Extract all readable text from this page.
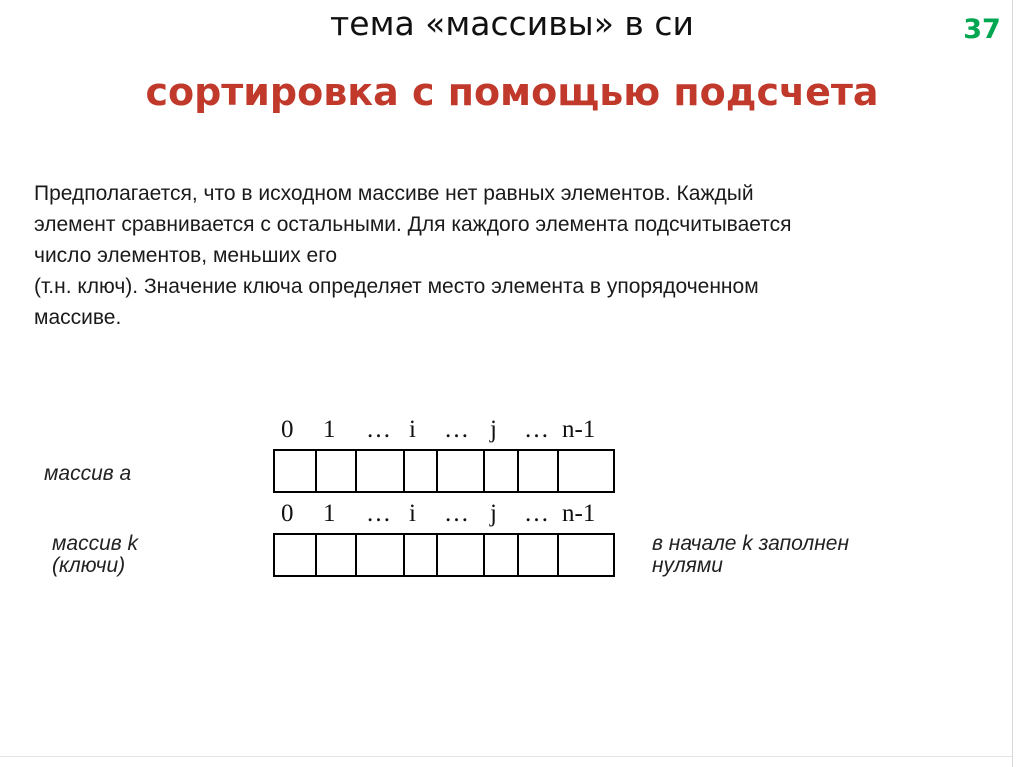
тема «массивы» в си	37
сортировка с помощью подсчета
Предполагается, что в исходном массиве нет равных элементов. Каждый
элемент сравнивается с остальными. Для каждого элемента подсчитывается
число элементов, меньших его
(т.н. ключ). Значение ключа определяет место элемента в упорядоченном
массиве.
0 1 … i … j … n-1
массив a
0 1 … i … j … n-1
массив k
(ключи)
в начале k заполнен
нулями
